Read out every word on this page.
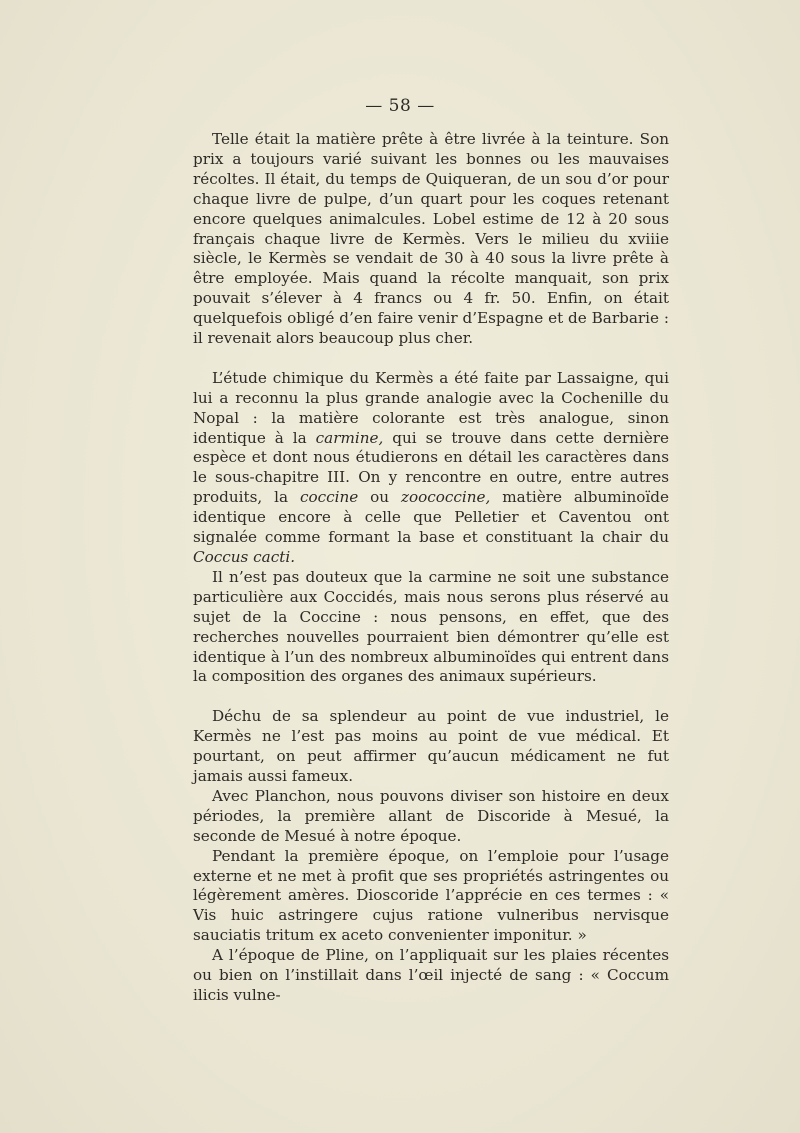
— 58 —

Telle était la matière prête à être livrée à la teinture. Son prix a toujours varié suivant les bonnes ou les mauvaises récoltes. Il était, du temps de Quiqueran, de un sou d’or pour chaque livre de pulpe, d’un quart pour les coques retenant encore quelques animalcules. Lobel estime de 12 à 20 sous français chaque livre de Kermès. Vers le milieu du xviiie siècle, le Kermès se vendait de 30 à 40 sous la livre prête à être employée. Mais quand la récolte manquait, son prix pouvait s’élever à 4 francs ou 4 fr. 50. Enfin, on était quelquefois obligé d’en faire venir d’Espagne et de Barbarie : il revenait alors beaucoup plus cher.

L’étude chimique du Kermès a été faite par Lassaigne, qui lui a reconnu la plus grande analogie avec la Cochenille du Nopal : la matière colorante est très analogue, sinon identique à la carmine, qui se trouve dans cette dernière espèce et dont nous étudierons en détail les caractères dans le sous-chapitre III. On y rencontre en outre, entre autres produits, la coccine ou zoococcine, matière albuminoïde identique encore à celle que Pelletier et Caventou ont signalée comme formant la base et constituant la chair du Coccus cacti.

Il n’est pas douteux que la carmine ne soit une substance particulière aux Coccidés, mais nous serons plus réservé au sujet de la Coccine : nous pensons, en effet, que des recherches nouvelles pourraient bien démontrer qu’elle est identique à l’un des nombreux albuminoïdes qui entrent dans la composition des organes des animaux supérieurs.

Déchu de sa splendeur au point de vue industriel, le Kermès ne l’est pas moins au point de vue médical. Et pourtant, on peut affirmer qu’aucun médicament ne fut jamais aussi fameux.

Avec Planchon, nous pouvons diviser son histoire en deux périodes, la première allant de Discoride à Mesué, la seconde de Mesué à notre époque.

Pendant la première époque, on l’emploie pour l’usage externe et ne met à profit que ses propriétés astringentes ou légèrement amères. Dioscoride l’apprécie en ces termes : « Vis huic astringere cujus ratione vulneribus nervisque sauciatis tritum ex aceto convenienter imponitur. »

A l’époque de Pline, on l’appliquait sur les plaies récentes ou bien on l’instillait dans l’œil injecté de sang : « Coccum ilicis vulne-
